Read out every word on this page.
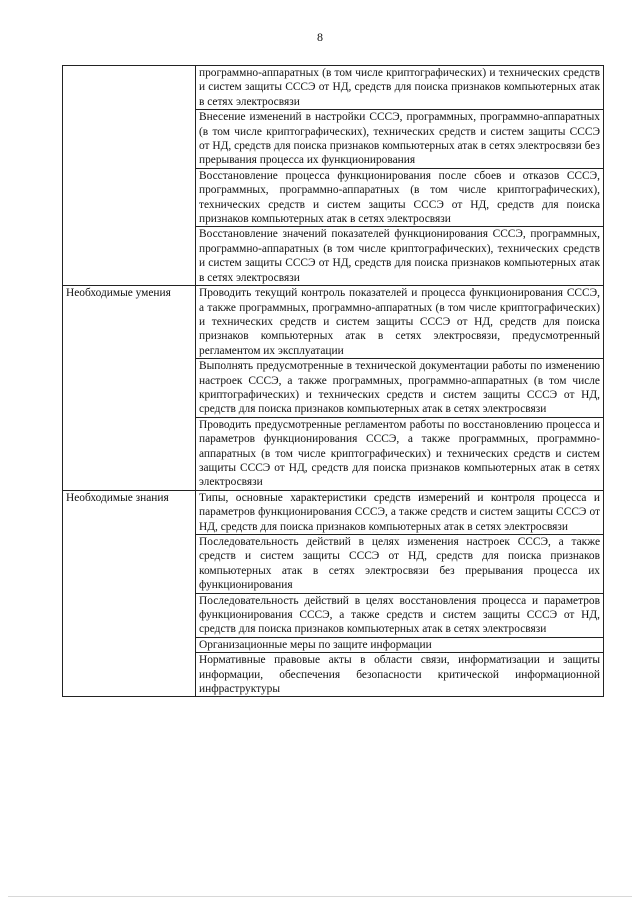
8
	программно-аппаратных (в том числе криптографических) и технических средств и систем защиты СССЭ от НД, средств для поиска признаков компьютерных атак в сетях электросвязи
	Внесение изменений в настройки СССЭ, программных, программно-аппаратных (в том числе криптографических), технических средств и систем защиты СССЭ от НД, средств для поиска признаков компьютерных атак в сетях электросвязи без прерывания процесса их функционирования
	Восстановление процесса функционирования после сбоев и отказов СССЭ, программных, программно-аппаратных (в том числе криптографических), технических средств и систем защиты СССЭ от НД, средств для поиска признаков компьютерных атак в сетях электросвязи
	Восстановление значений показателей функционирования СССЭ, программных, программно-аппаратных (в том числе криптографических), технических средств и систем защиты СССЭ от НД, средств для поиска признаков компьютерных атак в сетях электросвязи
Необходимые умения	Проводить текущий контроль показателей и процесса функционирования СССЭ, а также программных, программно-аппаратных (в том числе криптографических) и технических средств и систем защиты СССЭ от НД, средств для поиска признаков компьютерных атак в сетях электросвязи, предусмотренный регламентом их эксплуатации
	Выполнять предусмотренные в технической документации работы по изменению настроек СССЭ, а также программных, программно-аппаратных (в том числе криптографических) и технических средств и систем защиты СССЭ от НД, средств для поиска признаков компьютерных атак в сетях электросвязи
	Проводить предусмотренные регламентом работы по восстановлению процесса и параметров функционирования СССЭ, а также программных, программно-аппаратных (в том числе криптографических) и технических средств и систем защиты СССЭ от НД, средств для поиска признаков компьютерных атак в сетях электросвязи
Необходимые знания	Типы, основные характеристики средств измерений и контроля процесса и параметров функционирования СССЭ, а также средств и систем защиты СССЭ от НД, средств для поиска признаков компьютерных атак в сетях электросвязи
	Последовательность действий в целях изменения настроек СССЭ, а также средств и систем защиты СССЭ от НД, средств для поиска признаков компьютерных атак в сетях электросвязи без прерывания процесса их функционирования
	Последовательность действий в целях восстановления процесса и параметров функционирования СССЭ, а также средств и систем защиты СССЭ от НД, средств для поиска признаков компьютерных атак в сетях электросвязи
	Организационные меры по защите информации
	Нормативные правовые акты в области связи, информатизации и защиты информации, обеспечения безопасности критической информационной инфраструктуры
